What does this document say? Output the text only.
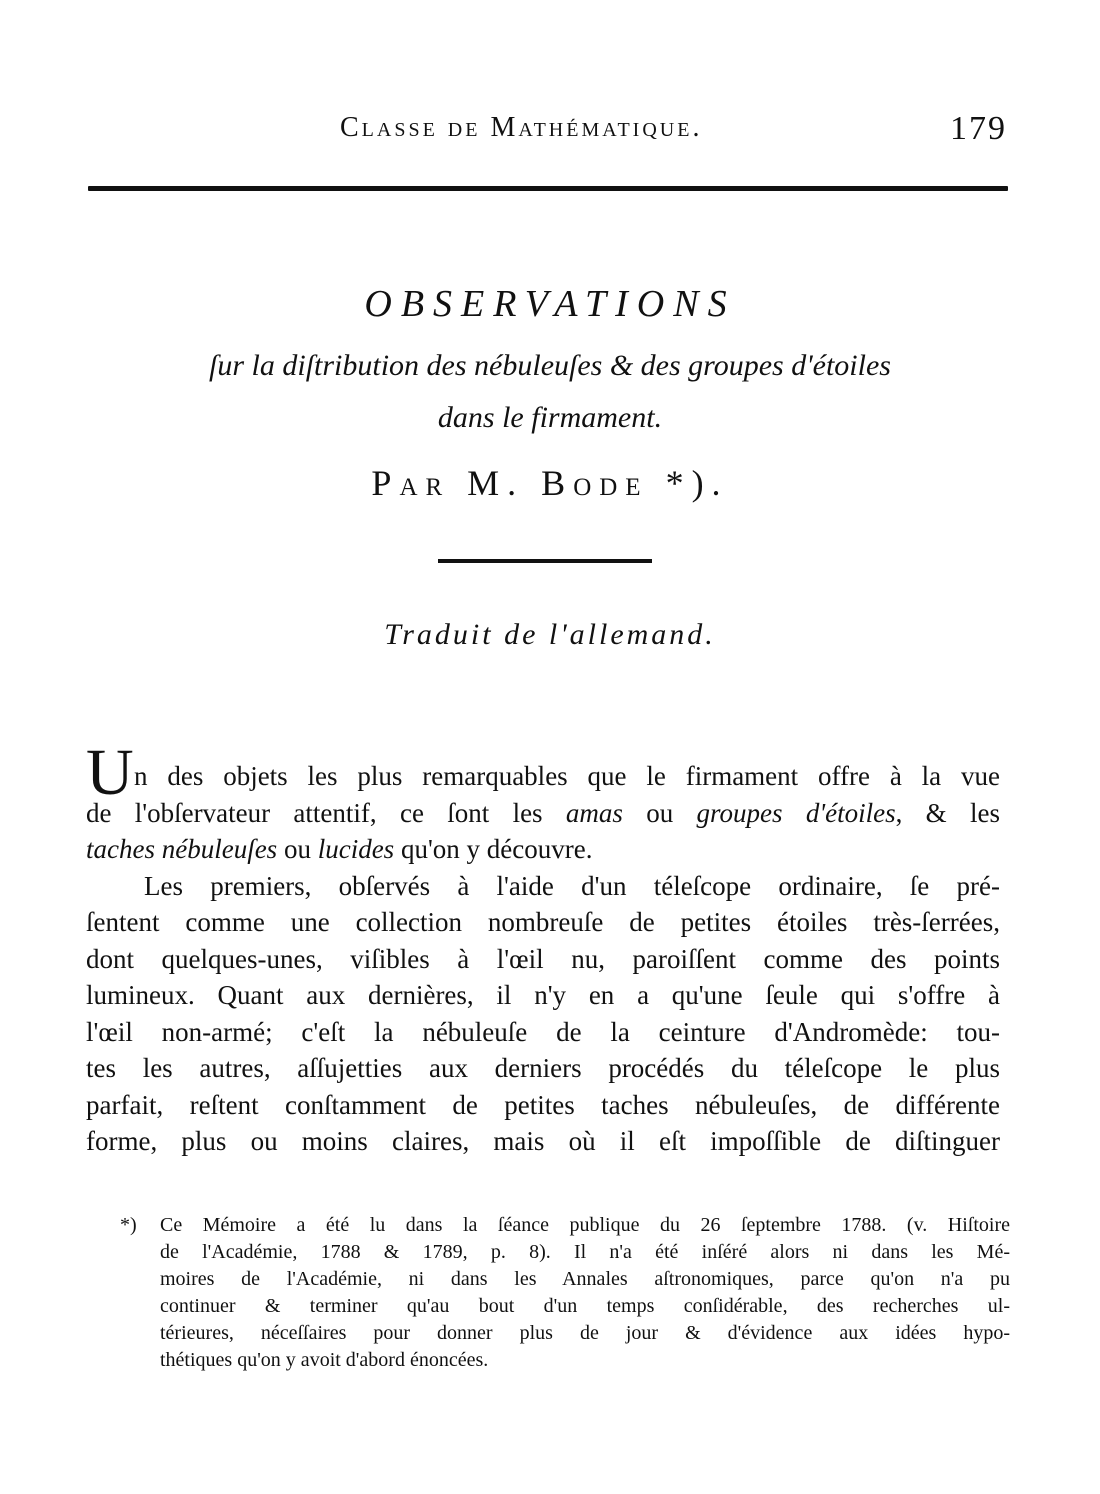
Classe de Mathématique.	179
OBSERVATIONS
ſur la diſtribution des nébuleuſes & des groupes d'étoiles
dans le firmament.
Par M. Bode *).
Traduit de l'allemand.
U n des objets les plus remarquables que le firmament offre à la vue
de l'obſervateur attentif, ce ſont les amas ou groupes d'étoiles, & les
taches nébuleuſes ou lucides qu'on y découvre.
Les premiers, obſervés à l'aide d'un téleſcope ordinaire, ſe pré-
ſentent comme une collection nombreuſe de petites étoiles très-ſerrées,
dont quelques-unes, viſibles à l'œil nu, paroiſſent comme des points
lumineux. Quant aux dernières, il n'y en a qu'une ſeule qui s'offre à
l'œil non-armé; c'eſt la nébuleuſe de la ceinture d'Andromède: tou-
tes les autres, aſſujetties aux derniers procédés du téleſcope le plus
parfait, reſtent conſtamment de petites taches nébuleuſes, de différente
forme, plus ou moins claires, mais où il eſt impoſſible de diſtinguer
*) Ce Mémoire a été lu dans la ſéance publique du 26 ſeptembre 1788. (v. Hiſtoire
de l'Académie, 1788 & 1789, p. 8). Il n'a été inſéré alors ni dans les Mé-
moires de l'Académie, ni dans les Annales aſtronomiques, parce qu'on n'a pu
continuer & terminer qu'au bout d'un temps conſidérable, des recherches ul-
térieures, néceſſaires pour donner plus de jour & d'évidence aux idées hypo-
thétiques qu'on y avoit d'abord énoncées.
